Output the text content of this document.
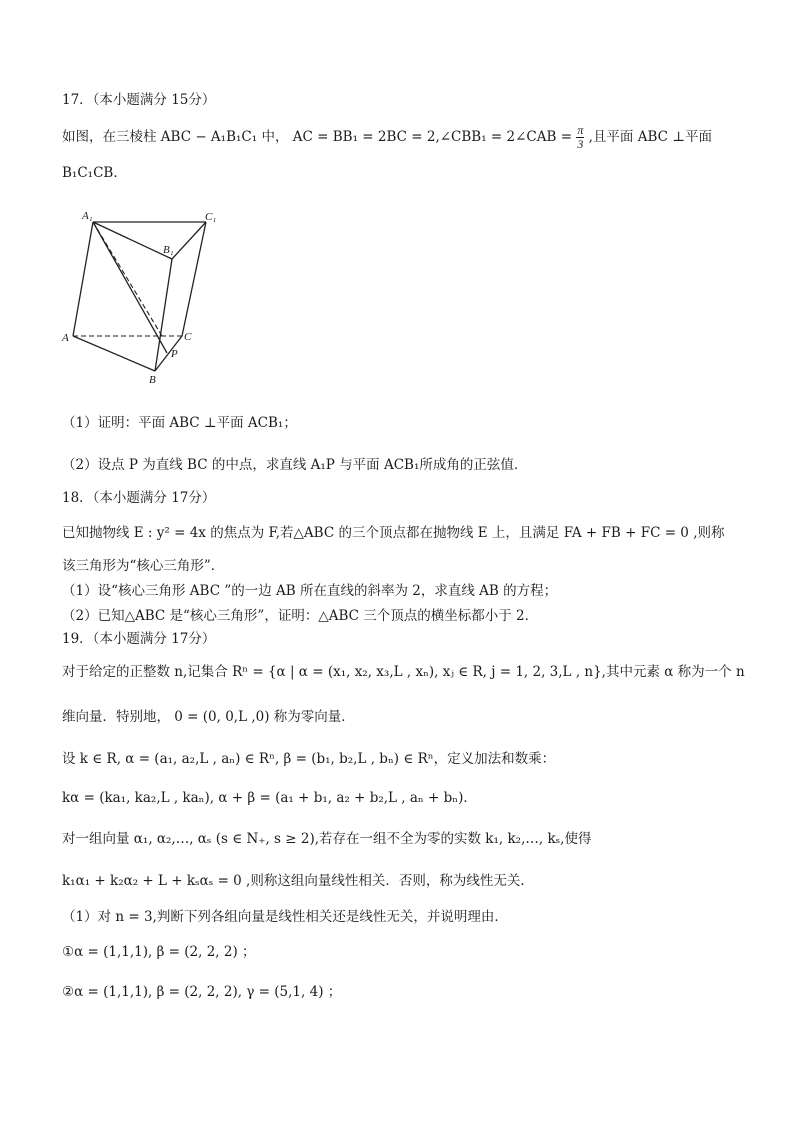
17．（本小题满分 15分）
如图，在三棱柱 ABC − A₁B₁C₁ 中， AC = BB₁ = 2BC = 2,∠CBB₁ = 2∠CAB = $\frac{\pi}{3}$ ,且平面 ABC ⊥平面
B₁C₁CB．
A₁	C₁
B₁
A	C
P
B
（1）证明：平面 ABC ⊥平面 ACB₁；
（2）设点 P 为直线 BC 的中点，求直线 A₁P 与平面 ACB₁所成角的正弦值．
18．（本小题满分 17分）
已知抛物线 E : y² = 4x 的焦点为 F,若△ABC 的三个顶点都在抛物线 E 上，且满足 FA + FB + FC = 0 ,则称
该三角形为“核心三角形”．
（1）设“核心三角形 ABC ”的一边 AB 所在直线的斜率为 2，求直线 AB 的方程；
（2）已知△ABC 是“核心三角形”，证明：△ABC 三个顶点的横坐标都小于 2．
19．（本小题满分 17分）
对于给定的正整数 n,记集合 Rⁿ = {α | α = (x₁, x₂, x₃,L , xₙ), xⱼ ∈ R, j = 1, 2, 3,L , n},其中元素 α 称为一个 n
维向量．特别地， 0 = (0, 0,L ,0) 称为零向量．
设 k ∈ R, α = (a₁, a₂,L , aₙ) ∈ Rⁿ, β = (b₁, b₂,L , bₙ) ∈ Rⁿ，定义加法和数乘：
kα = (ka₁, ka₂,L , kaₙ), α + β = (a₁ + b₁, a₂ + b₂,L , aₙ + bₙ)．
对一组向量 α₁, α₂,…, αₛ (s ∈ N₊, s ≥ 2),若存在一组不全为零的实数 k₁, k₂,…, kₛ,使得
k₁α₁ + k₂α₂ + L + kₛαₛ = 0 ,则称这组向量线性相关．否则，称为线性无关．
（1）对 n = 3,判断下列各组向量是线性相关还是线性无关，并说明理由．
①α = (1,1,1), β = (2, 2, 2) ；
②α = (1,1,1), β = (2, 2, 2), γ = (5,1, 4) ；
